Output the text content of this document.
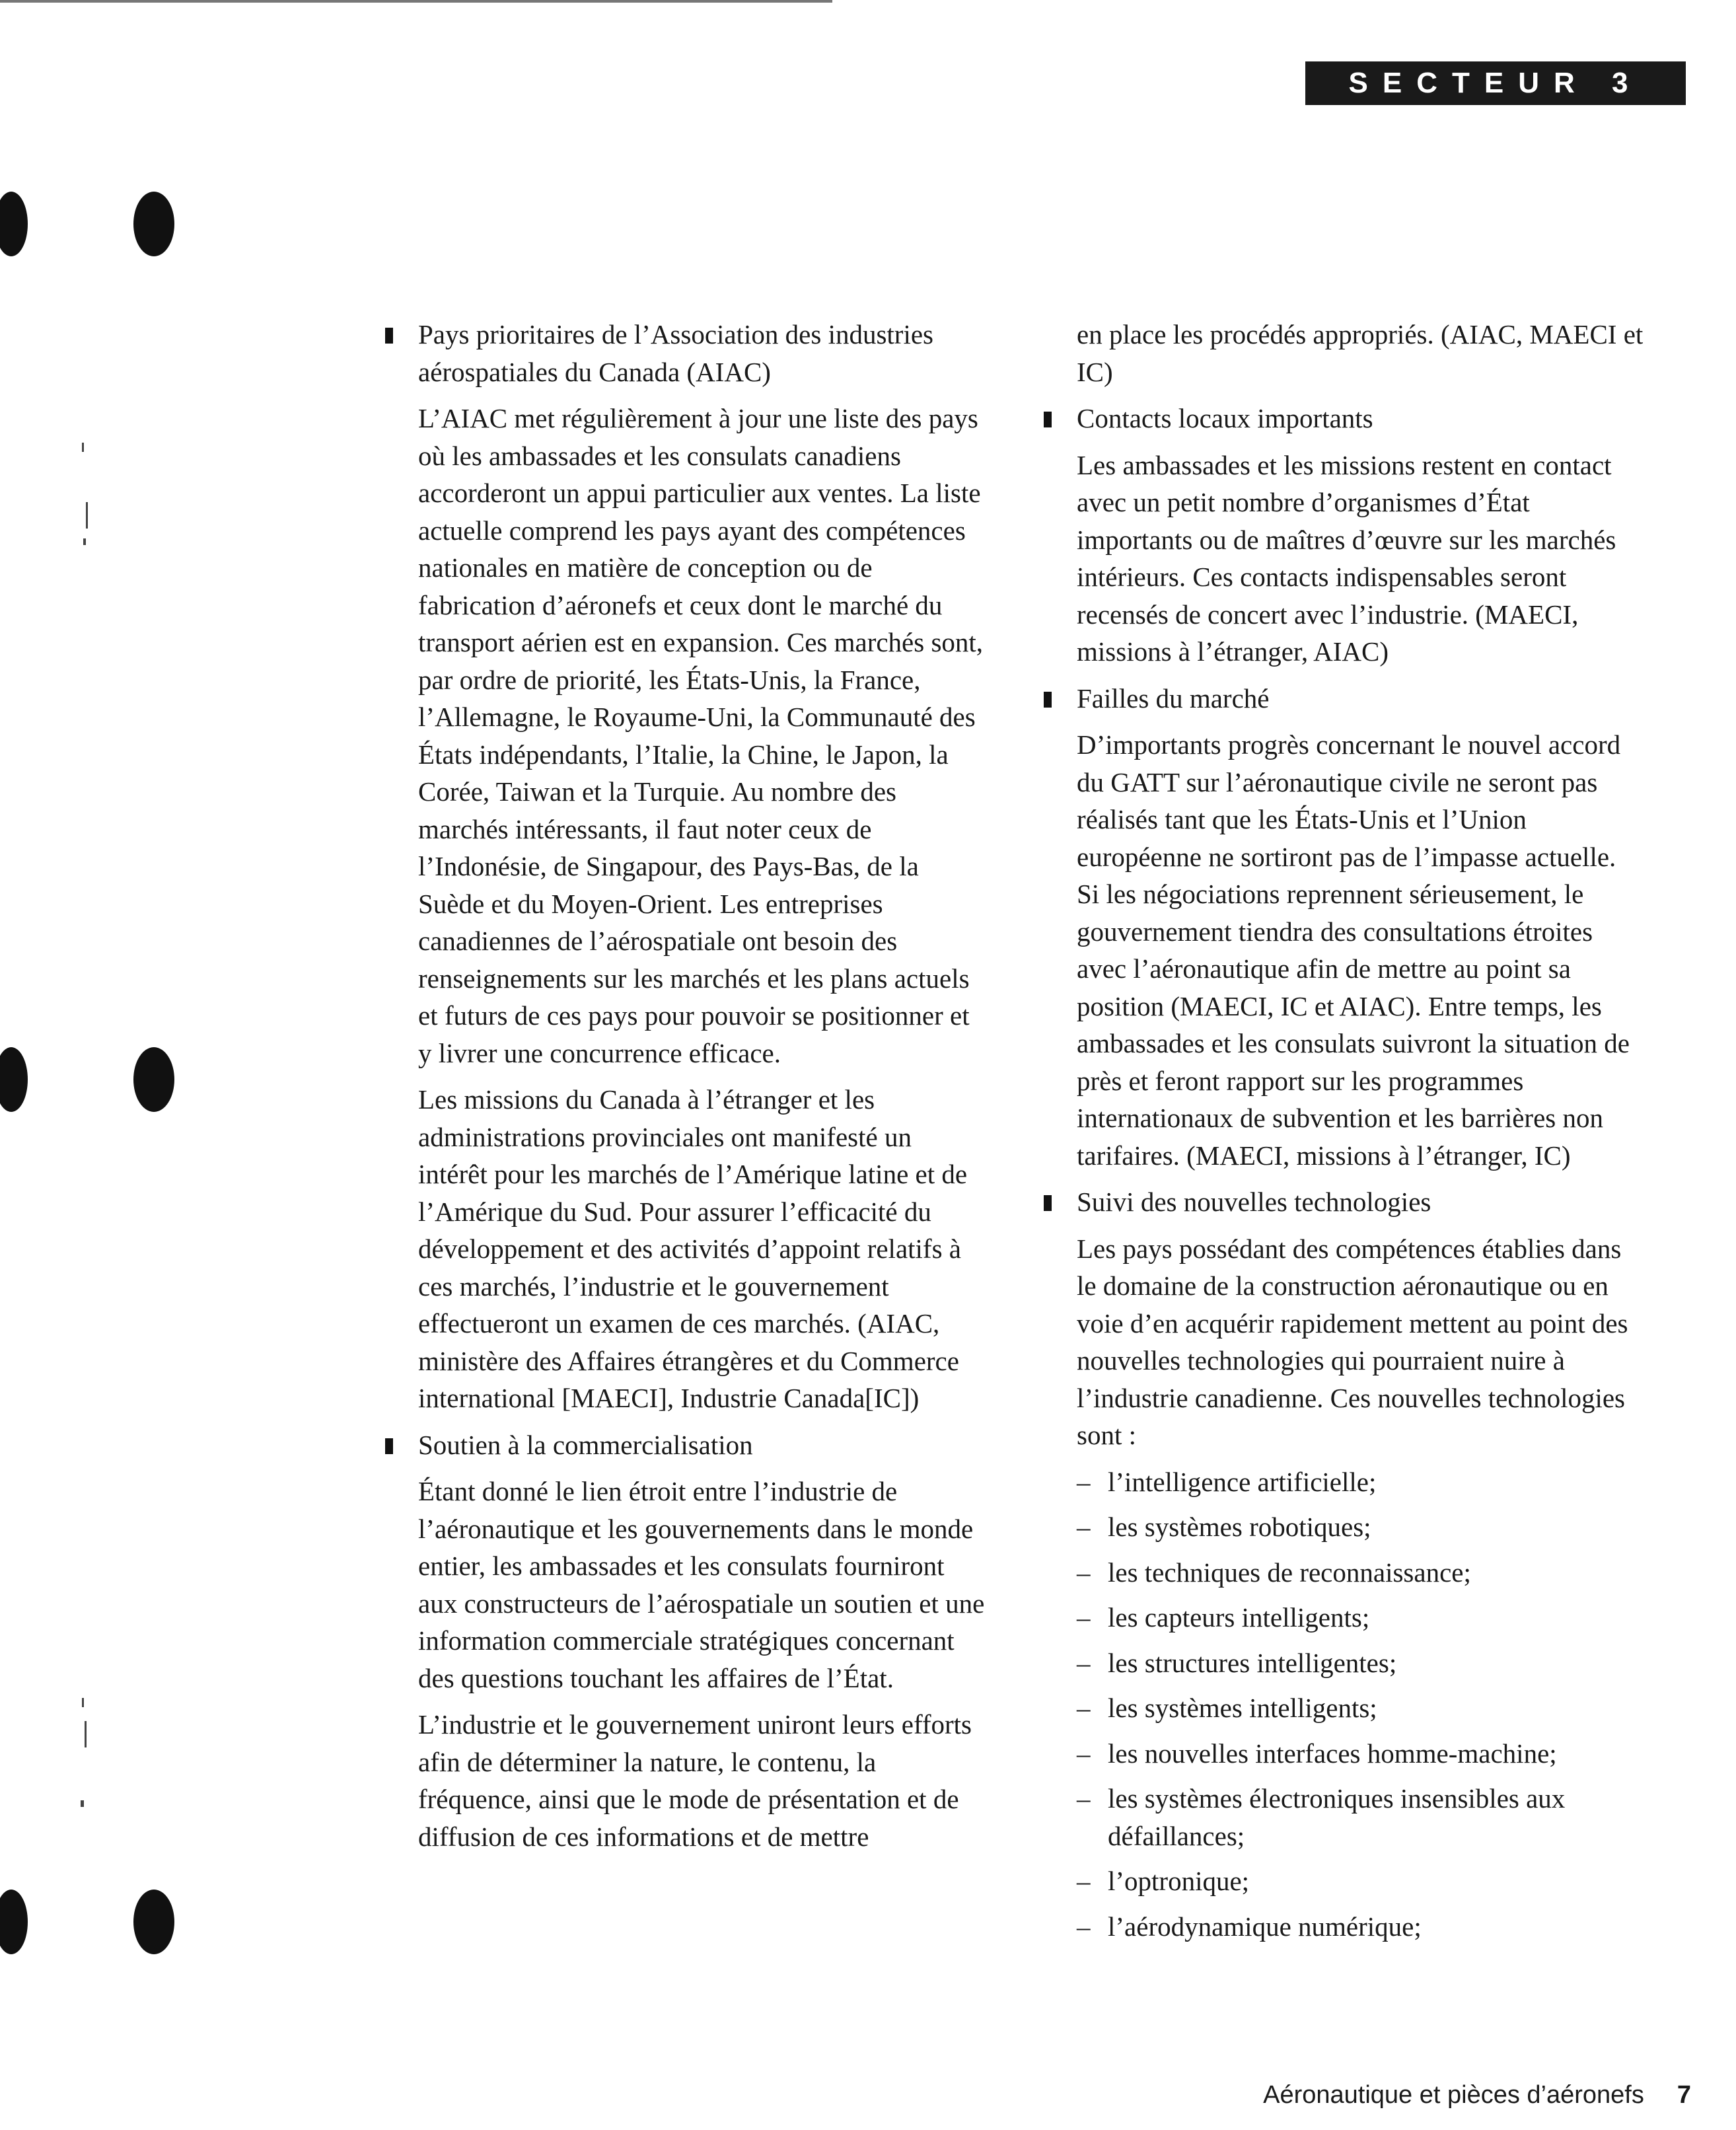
SECTEUR 3

Pays prioritaires de l’Association des industries aérospatiales du Canada (AIAC)

L’AIAC met régulièrement à jour une liste des pays où les ambassades et les consulats canadiens accorderont un appui particulier aux ventes. La liste actuelle comprend les pays ayant des compétences nationales en matière de conception ou de fabrication d’aéronefs et ceux dont le marché du transport aérien est en expansion. Ces marchés sont, par ordre de priorité, les États-Unis, la France, l’Allemagne, le Royaume-Uni, la Communauté des États indépendants, l’Italie, la Chine, le Japon, la Corée, Taiwan et la Turquie. Au nombre des marchés intéressants, il faut noter ceux de l’Indonésie, de Singapour, des Pays-Bas, de la Suède et du Moyen-Orient. Les entreprises canadiennes de l’aérospatiale ont besoin des renseignements sur les marchés et les plans actuels et futurs de ces pays pour pouvoir se positionner et y livrer une concurrence efficace.

Les missions du Canada à l’étranger et les administrations provinciales ont manifesté un intérêt pour les marchés de l’Amérique latine et de l’Amérique du Sud. Pour assurer l’efficacité du développement et des activités d’appoint relatifs à ces marchés, l’industrie et le gouvernement effectueront un examen de ces marchés. (AIAC, ministère des Affaires étrangères et du Commerce international [MAECI], Industrie Canada[IC])

Soutien à la commercialisation

Étant donné le lien étroit entre l’industrie de l’aéronautique et les gouvernements dans le monde entier, les ambassades et les consulats fourniront aux constructeurs de l’aérospatiale un soutien et une information commerciale stratégiques concernant des questions touchant les affaires de l’État.

L’industrie et le gouvernement uniront leurs efforts afin de déterminer la nature, le contenu, la fréquence, ainsi que le mode de présentation et de diffusion de ces informations et de mettre

en place les procédés appropriés. (AIAC, MAECI et IC)

Contacts locaux importants

Les ambassades et les missions restent en contact avec un petit nombre d’organismes d’État importants ou de maîtres d’œuvre sur les marchés intérieurs. Ces contacts indispensables seront recensés de concert avec l’industrie. (MAECI, missions à l’étranger, AIAC)

Failles du marché

D’importants progrès concernant le nouvel accord du GATT sur l’aéronautique civile ne seront pas réalisés tant que les États-Unis et l’Union européenne ne sortiront pas de l’impasse actuelle. Si les négociations reprennent sérieusement, le gouvernement tiendra des consultations étroites avec l’aéronautique afin de mettre au point sa position (MAECI, IC et AIAC). Entre temps, les ambassades et les consulats suivront la situation de près et feront rapport sur les programmes internationaux de subvention et les barrières non tarifaires. (MAECI, missions à l’étranger, IC)

Suivi des nouvelles technologies

Les pays possédant des compétences établies dans le domaine de la construction aéronautique ou en voie d’en acquérir rapidement mettent au point des nouvelles technologies qui pourraient nuire à l’industrie canadienne. Ces nouvelles technologies sont :

– l’intelligence artificielle;
– les systèmes robotiques;
– les techniques de reconnaissance;
– les capteurs intelligents;
– les structures intelligentes;
– les systèmes intelligents;
– les nouvelles interfaces homme-machine;
– les systèmes électroniques insensibles aux défaillances;
– l’optronique;
– l’aérodynamique numérique;
Aéronautique et pièces d’aéronefs 7
